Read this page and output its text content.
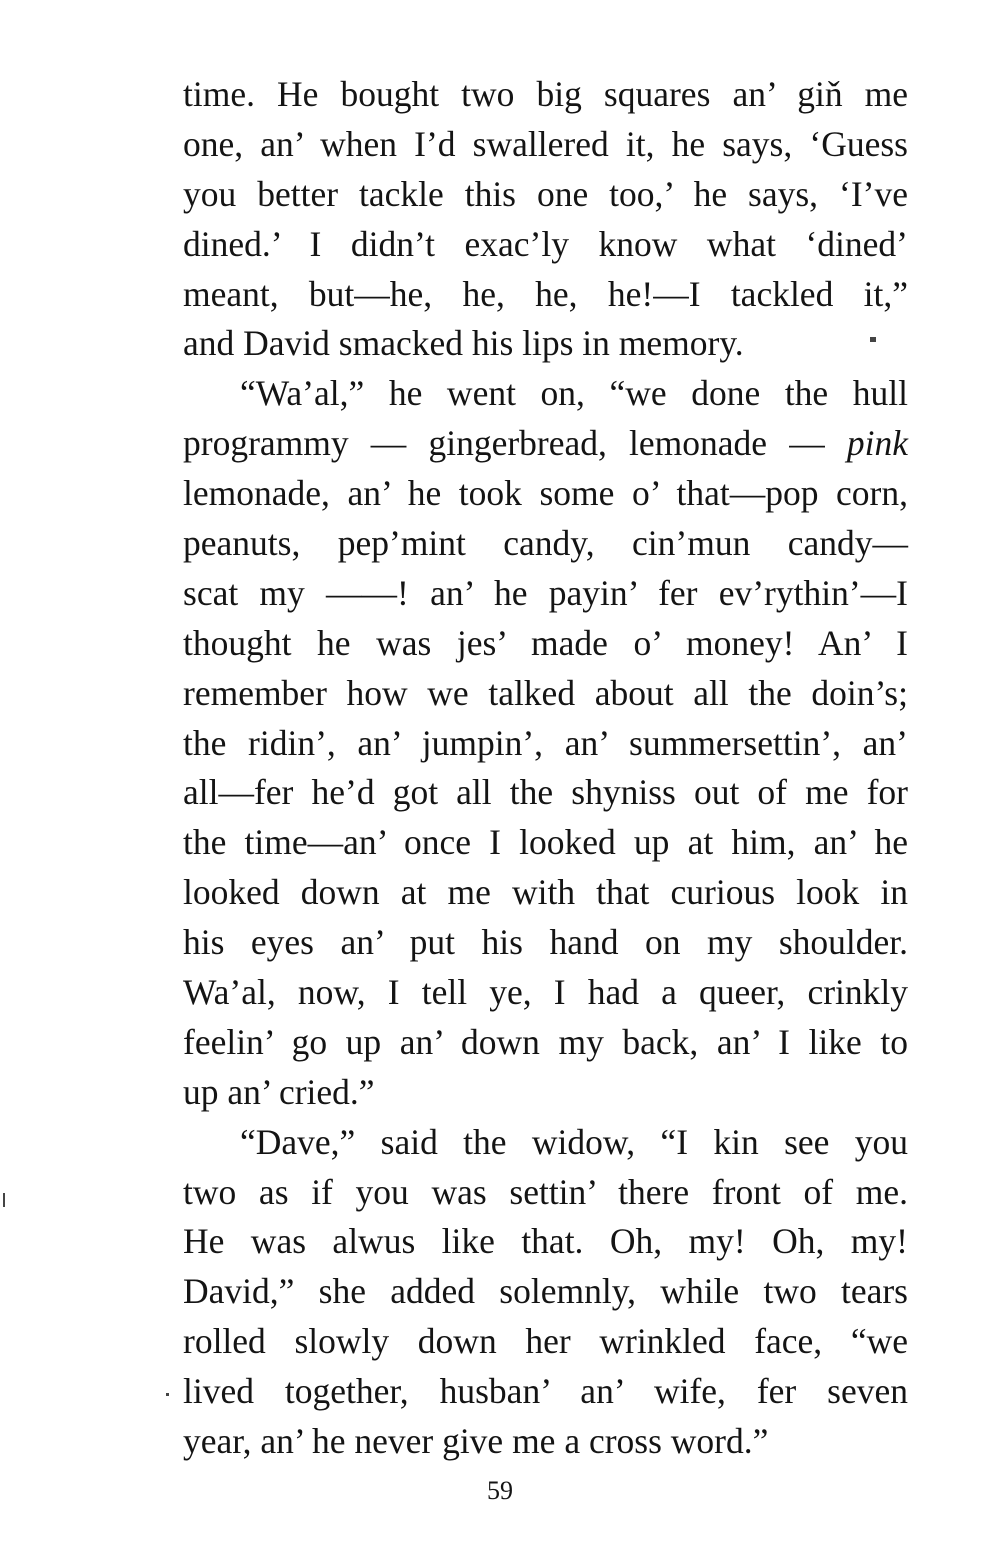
time. He bought two big squares an’ giň me
one, an’ when I’d swallered it, he says, ‘Guess
you better tackle this one too,’ he says, ‘I’ve
dined.’ I didn’t exac’ly know what ‘dined’
meant, but—he, he, he, he!—I tackled it,”
and David smacked his lips in memory.
“Wa’al,” he went on, “we done the hull
programmy — gingerbread, lemonade — pink
lemonade, an’ he took some o’ that—pop corn,
peanuts, pep’mint candy, cin’mun candy—
scat my ——! an’ he payin’ fer ev’rythin’—I
thought he was jes’ made o’ money! An’ I
remember how we talked about all the doin’s;
the ridin’, an’ jumpin’, an’ summersettin’, an’
all—fer he’d got all the shyniss out of me for
the time—an’ once I looked up at him, an’ he
looked down at me with that curious look in
his eyes an’ put his hand on my shoulder.
Wa’al, now, I tell ye, I had a queer, crinkly
feelin’ go up an’ down my back, an’ I like to
up an’ cried.”
“Dave,” said the widow, “I kin see you
two as if you was settin’ there front of me.
He was alwus like that. Oh, my! Oh, my!
David,” she added solemnly, while two tears
rolled slowly down her wrinkled face, “we
lived together, husban’ an’ wife, fer seven
year, an’ he never give me a cross word.”
59
